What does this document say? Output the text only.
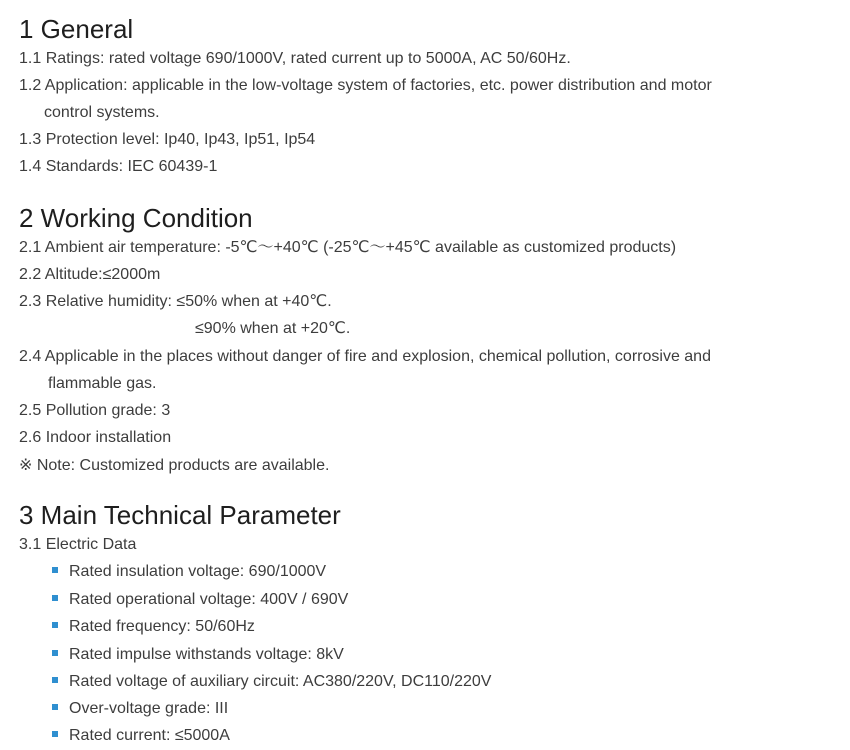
1 General

1.1 Ratings: rated voltage 690/1000V, rated current up to 5000A, AC 50/60Hz.

1.2 Application: applicable in the low-voltage system of factories, etc. power distribution and motor

control systems.

1.3 Protection level: Ip40, Ip43, Ip51, Ip54

1.4 Standards: IEC 60439-1

2 Working Condition

2.1 Ambient air temperature: -5℃～+40℃ (-25℃～+45℃ available as customized products)

2.2 Altitude:≤2000m

2.3 Relative humidity: ≤50% when at +40℃.

≤90% when at +20℃.

2.4 Applicable in the places without danger of fire and explosion, chemical pollution, corrosive and

flammable gas.

2.5 Pollution grade: 3

2.6 Indoor installation

※ Note: Customized products are available.

3 Main Technical Parameter

3.1 Electric Data

Rated insulation voltage: 690/1000V
Rated operational voltage: 400V / 690V
Rated frequency: 50/60Hz
Rated impulse withstands voltage: 8kV
Rated voltage of auxiliary circuit: AC380/220V, DC110/220V
Over-voltage grade: III
Rated current: ≤5000A
